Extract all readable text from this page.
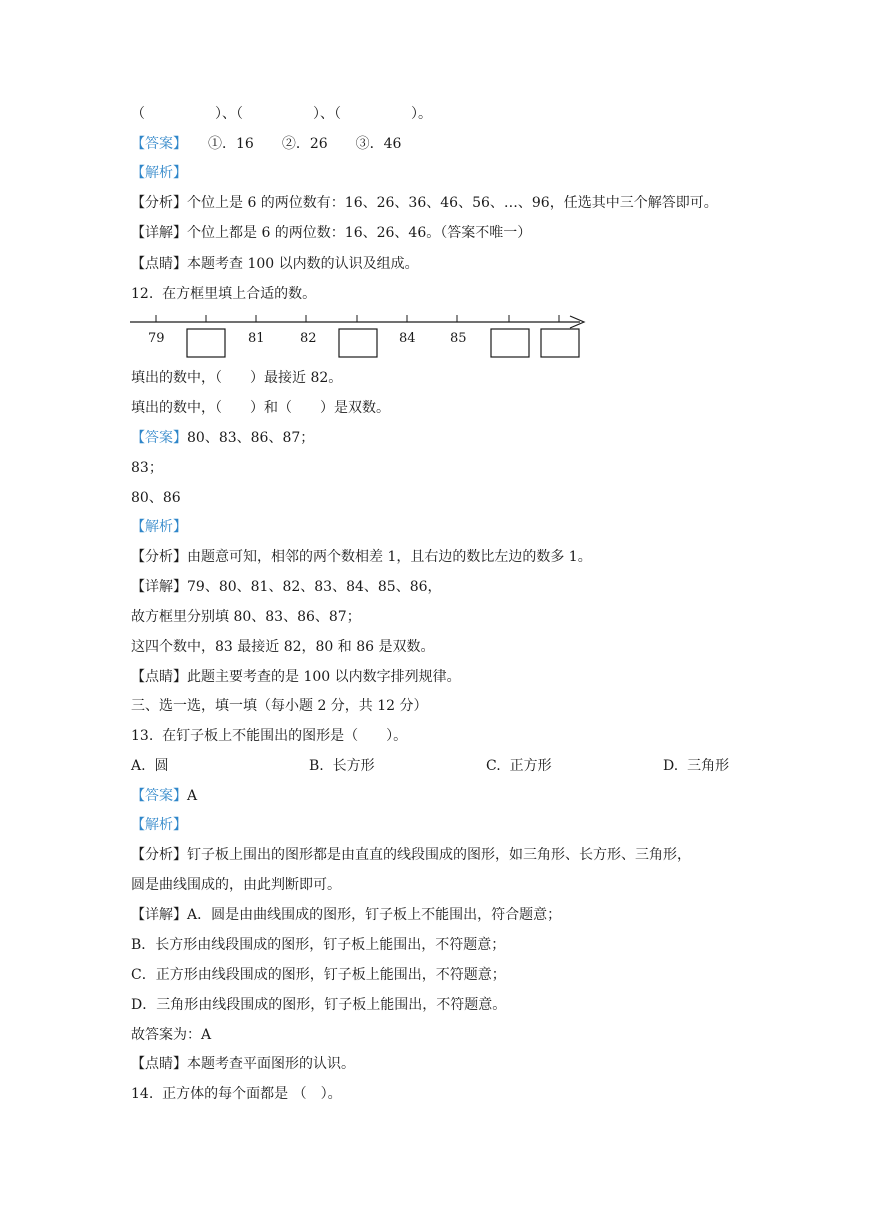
（　　　　　）、（　　　　　）、（　　　　　）。
【答案】　　①．16　　②．26　　③．46
【解析】
【分析】个位上是 6 的两位数有：16、26、36、46、56、…、96，任选其中三个解答即可。
【详解】个位上都是 6 的两位数：16、26、46。（答案不唯一）
【点睛】本题考查 100 以内数的认识及组成。
12.  在方框里填上合适的数。
79	81	82	84	85
填出的数中，（　　）最接近 82。
填出的数中，（　　）和（　　）是双数。
【答案】80、83、86、87；
83；
80、86
【解析】
【分析】由题意可知，相邻的两个数相差 1，且右边的数比左边的数多 1。
【详解】79、80、81、82、83、84、85、86，
故方框里分别填 80、83、86、87；
这四个数中，83 最接近 82，80 和 86 是双数。
【点睛】此题主要考查的是 100 以内数字排列规律。
三、选一选，填一填（每小题 2 分，共 12 分）
13.  在钉子板上不能围出的图形是（　　）。
A.  圆	B.  长方形	C.  正方形	D.  三角形
【答案】A
【解析】
【分析】钉子板上围出的图形都是由直直的线段围成的图形，如三角形、长方形、三角形，
圆是曲线围成的，由此判断即可。
【详解】A．圆是由曲线围成的图形，钉子板上不能围出，符合题意；
B．长方形由线段围成的图形，钉子板上能围出，不符题意；
C．正方形由线段围成的图形，钉子板上能围出，不符题意；
D．三角形由线段围成的图形，钉子板上能围出，不符题意。
故答案为：A
【点睛】本题考查平面图形的认识。
14.  正方体的每个面都是 （　）。
